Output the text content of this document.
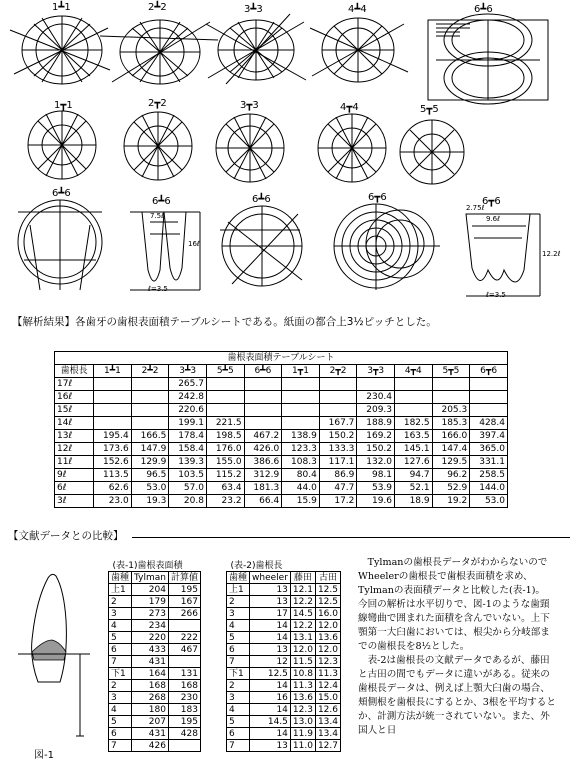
1┻1	2┻2	3┻3	4┻4	6┻6
1┳1	2┳2	3┳3	4┳4	5┳5
6┻6
6┻6	6┻6	6┳6	6┳6
7.5ℓ
16ℓ
ℓ=3.5
ℓ=3.5
12.2ℓ
9.6ℓ
2.75ℓ
【解析結果】各歯牙の歯根表面積テーブルシートである。紙面の都合上3½ピッチとした。
歯根表面積テーブルシート											
歯根長	1┻1	2┻2	3┻3	5┻5	6┻6	1┳1	2┳2	3┳3	4┳4	5┳5	6┳6
17ℓ			265.7								
16ℓ			242.8					230.4			
15ℓ			220.6					209.3		205.3	
14ℓ			199.1	221.5			167.7	188.9	182.5	185.3	428.4
13ℓ	195.4	166.5	178.4	198.5	467.2	138.9	150.2	169.2	163.5	166.0	397.4
12ℓ	173.6	147.9	158.4	176.0	426.0	123.3	133.3	150.2	145.1	147.4	365.0
11ℓ	152.6	129.9	139.3	155.0	386.6	108.3	117.1	132.0	127.6	129.5	331.1
9ℓ	113.5	96.5	103.5	115.2	312.9	80.4	86.9	98.1	94.7	96.2	258.5
6ℓ	62.6	53.0	57.0	63.4	181.3	44.0	47.7	53.9	52.1	52.9	144.0
3ℓ	23.0	19.3	20.8	23.2	66.4	15.9	17.2	19.6	18.9	19.2	53.0
【文献データとの比較】
図-1
(表-1)歯根表面積		
歯種	Tylman	計算値
上1	204	195
2	179	167
3	273	266
4	234	
5	220	222
6	433	467
7	431	
下1	164	131
2	168	168
3	268	230
4	180	183
5	207	195
6	431	428
7	426	
(表-2)歯根長			
歯種	wheeler	藤田	古田
上1	13	12.1	12.5
2	13	12.2	12.5
3	17	14.5	16.0
4	14	12.2	12.0
5	14	13.1	13.6
6	13	12.0	12.0
7	12	11.5	12.3
下1	12.5	10.8	11.3
2	14	11.3	12.4
3	16	13.6	15.0
4	14	12.3	12.6
5	14.5	13.0	13.4
6	14	11.9	13.4
7	13	11.0	12.7

　Tylmanの歯根長データがわからないのでWheelerの歯根長で歯根表面積を求め、Tylmanの表面積データと比較した(表-1)。

今回の解析は水平切りで、図-1のような歯頸線彎曲で囲まれた面積を含んでいない。上下顎第一大臼歯においては、根尖から分岐部までの歯根長を8½とした。

　表-2は歯根長の文献データであるが、藤田と古田の間でもデータに違いがある。従来の歯根長データは、例えば上顎大臼歯の場合、頬側根を歯根長にするとか、3根を平均するとか、計測方法が統一されていない。また、外国人と日
